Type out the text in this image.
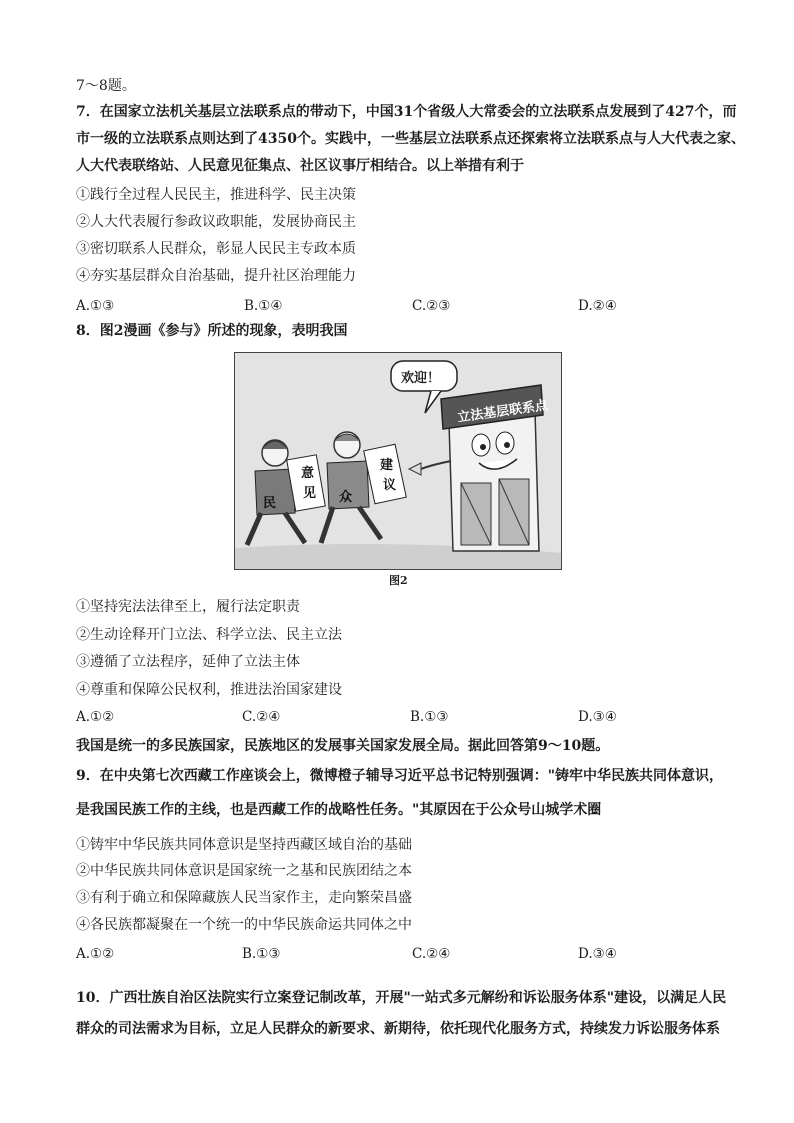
7～8题。
7．在国家立法机关基层立法联系点的带动下，中国31个省级人大常委会的立法联系点发展到了427个，而
市一级的立法联系点则达到了4350个。实践中，一些基层立法联系点还探索将立法联系点与人大代表之家、
人大代表联络站、人民意见征集点、社区议事厅相结合。以上举措有利于
①践行全过程人民民主，推进科学、民主决策
②人大代表履行参政议政职能，发展协商民主
③密切联系人民群众，彰显人民民主专政本质
④夯实基层群众自治基础，提升社区治理能力
A.①③	B.①④	C.②③	D.②④
8．图2漫画《参与》所述的现象，表明我国
立法基层联系点
欢迎！
民
意
见 众
建
议
图2
①坚持宪法法律至上，履行法定职责
②生动诠释开门立法、科学立法、民主立法
③遵循了立法程序，延伸了立法主体
④尊重和保障公民权利，推进法治国家建设
A.①②	C.②④	B.①③	D.③④
我国是统一的多民族国家，民族地区的发展事关国家发展全局。据此回答第9～10题。
9．在中央第七次西藏工作座谈会上，微博橙子辅导习近平总书记特别强调："铸牢中华民族共同体意识，
是我国民族工作的主线，也是西藏工作的战略性任务。"其原因在于公众号山城学术圈
①铸牢中华民族共同体意识是坚持西藏区域自治的基础
②中华民族共同体意识是国家统一之基和民族团结之本
③有利于确立和保障藏族人民当家作主，走向繁荣昌盛
④各民族都凝聚在一个统一的中华民族命运共同体之中
A.①②	B.①③	C.②④	D.③④
10．广西壮族自治区法院实行立案登记制改革，开展"一站式多元解纷和诉讼服务体系"建设，以满足人民
群众的司法需求为目标，立足人民群众的新要求、新期待，依托现代化服务方式，持续发力诉讼服务体系
